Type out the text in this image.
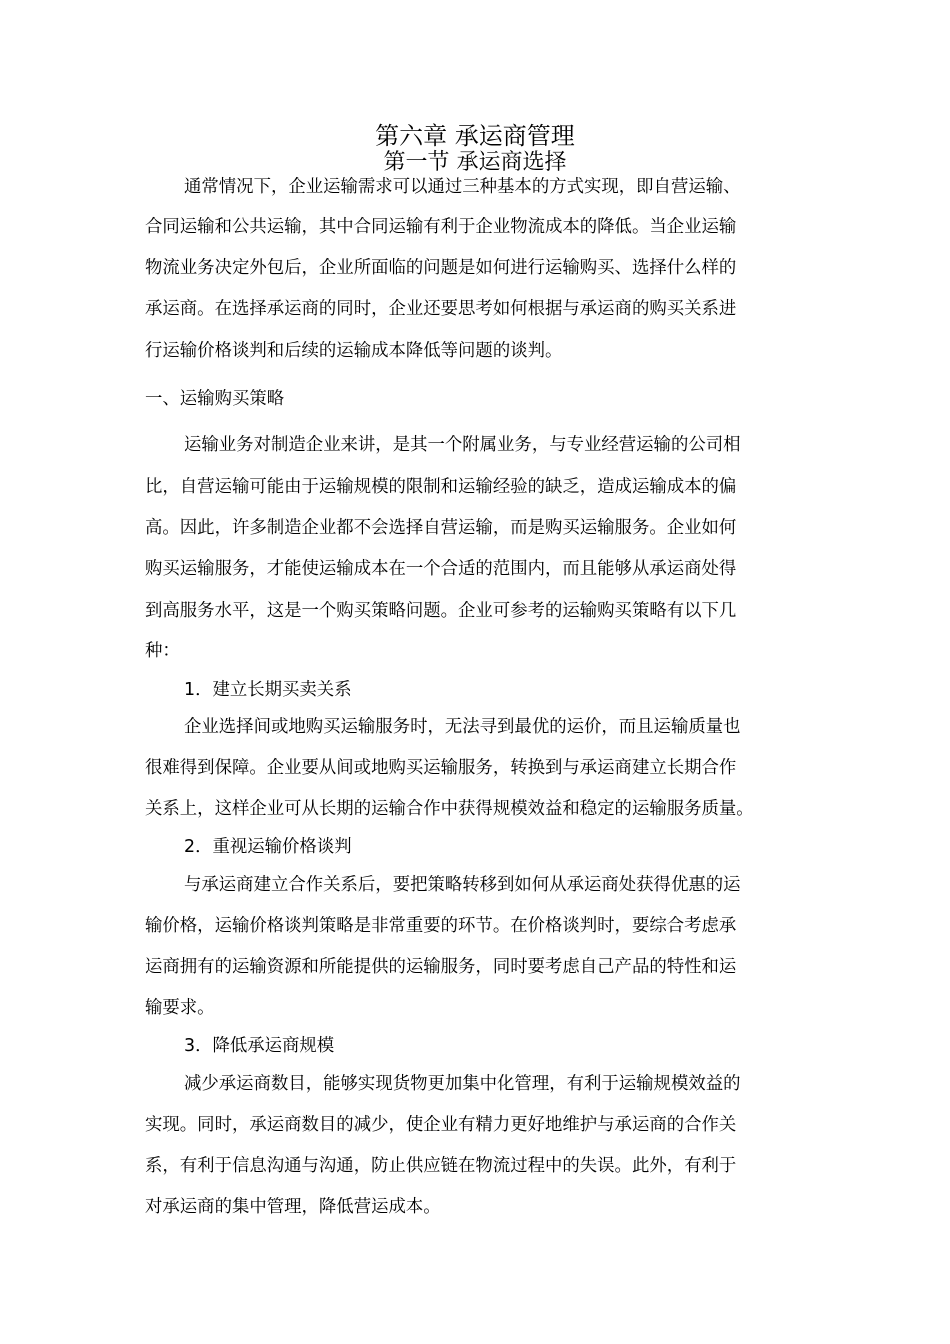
第六章 承运商管理
第一节 承运商选择

通常情况下，企业运输需求可以通过三种基本的方式实现，即自营运输、

合同运输和公共运输，其中合同运输有利于企业物流成本的降低。当企业运输

物流业务决定外包后，企业所面临的问题是如何进行运输购买、选择什么样的

承运商。在选择承运商的同时，企业还要思考如何根据与承运商的购买关系进

行运输价格谈判和后续的运输成本降低等问题的谈判。

一、运输购买策略

运输业务对制造企业来讲，是其一个附属业务，与专业经营运输的公司相

比，自营运输可能由于运输规模的限制和运输经验的缺乏，造成运输成本的偏

高。因此，许多制造企业都不会选择自营运输，而是购买运输服务。企业如何

购买运输服务，才能使运输成本在一个合适的范围内，而且能够从承运商处得

到高服务水平，这是一个购买策略问题。企业可参考的运输购买策略有以下几

种：

1．建立长期买卖关系

企业选择间或地购买运输服务时，无法寻到最优的运价，而且运输质量也

很难得到保障。企业要从间或地购买运输服务，转换到与承运商建立长期合作

关系上，这样企业可从长期的运输合作中获得规模效益和稳定的运输服务质量。

2．重视运输价格谈判

与承运商建立合作关系后，要把策略转移到如何从承运商处获得优惠的运

输价格，运输价格谈判策略是非常重要的环节。在价格谈判时，要综合考虑承

运商拥有的运输资源和所能提供的运输服务，同时要考虑自己产品的特性和运

输要求。

3．降低承运商规模

减少承运商数目，能够实现货物更加集中化管理，有利于运输规模效益的

实现。同时，承运商数目的减少，使企业有精力更好地维护与承运商的合作关

系，有利于信息沟通与沟通，防止供应链在物流过程中的失误。此外，有利于

对承运商的集中管理，降低营运成本。
